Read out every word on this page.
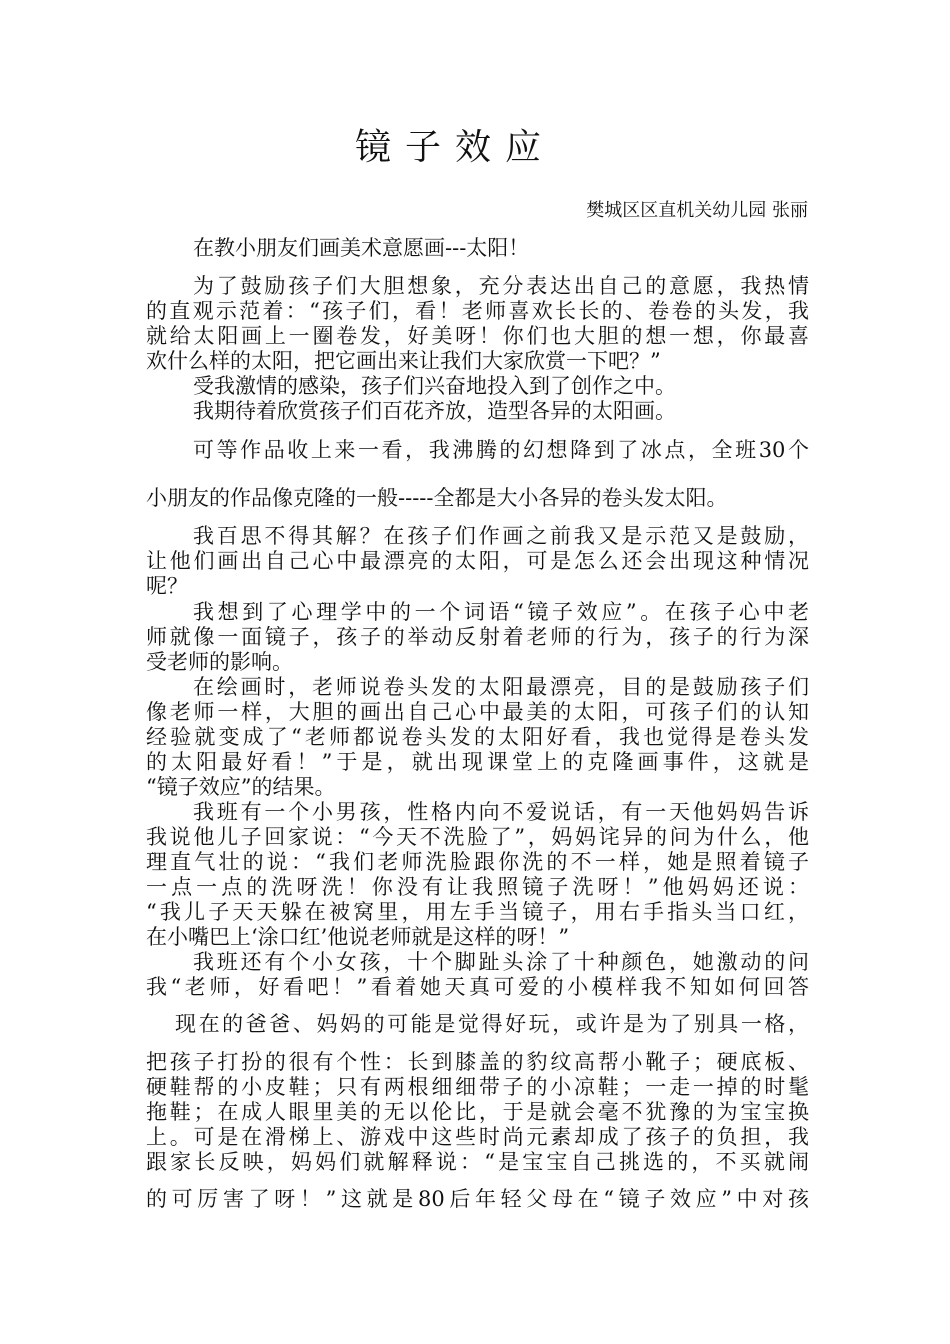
镜子效应
樊城区区直机关幼儿园 张丽
在教小朋友们画美术意愿画---太阳！
为了鼓励孩子们大胆想象，充分表达出自己的意愿，我热情
的直观示范着：“孩子们，看！老师喜欢长长的、卷卷的头发，我
就给太阳画上一圈卷发，好美呀！你们也大胆的想一想，你最喜
欢什么样的太阳，把它画出来让我们大家欣赏一下吧？”
受我激情的感染，孩子们兴奋地投入到了创作之中。
我期待着欣赏孩子们百花齐放，造型各异的太阳画。
可等作品收上来一看，我沸腾的幻想降到了冰点，全班30个
小朋友的作品像克隆的一般-----全都是大小各异的卷头发太阳。
我百思不得其解？在孩子们作画之前我又是示范又是鼓励，
让他们画出自己心中最漂亮的太阳，可是怎么还会出现这种情况
呢？
我想到了心理学中的一个词语“镜子效应”。在孩子心中老
师就像一面镜子，孩子的举动反射着老师的行为，孩子的行为深
受老师的影响。
在绘画时，老师说卷头发的太阳最漂亮，目的是鼓励孩子们
像老师一样，大胆的画出自己心中最美的太阳，可孩子们的认知
经验就变成了“老师都说卷头发的太阳好看，我也觉得是卷头发
的太阳最好看！”于是，就出现课堂上的克隆画事件，这就是
“镜子效应”的结果。
我班有一个小男孩，性格内向不爱说话，有一天他妈妈告诉
我说他儿子回家说：“今天不洗脸了”，妈妈诧异的问为什么，他
理直气壮的说：“我们老师洗脸跟你洗的不一样，她是照着镜子
一点一点的洗呀洗！你没有让我照镜子洗呀！”他妈妈还说：
“我儿子天天躲在被窝里，用左手当镜子，用右手指头当口红，
在小嘴巴上‘涂口红’他说老师就是这样的呀！”
我班还有个小女孩，十个脚趾头涂了十种颜色，她激动的问
我“老师，好看吧！”看着她天真可爱的小模样我不知如何回答
现在的爸爸、妈妈的可能是觉得好玩，或许是为了别具一格，
把孩子打扮的很有个性：长到膝盖的豹纹高帮小靴子；硬底板、
硬鞋帮的小皮鞋；只有两根细细带子的小凉鞋；一走一掉的时髦
拖鞋；在成人眼里美的无以伦比，于是就会毫不犹豫的为宝宝换
上。可是在滑梯上、游戏中这些时尚元素却成了孩子的负担，我
跟家长反映，妈妈们就解释说：“是宝宝自己挑选的，不买就闹
的可厉害了呀！”这就是80后年轻父母在“镜子效应”中对孩
